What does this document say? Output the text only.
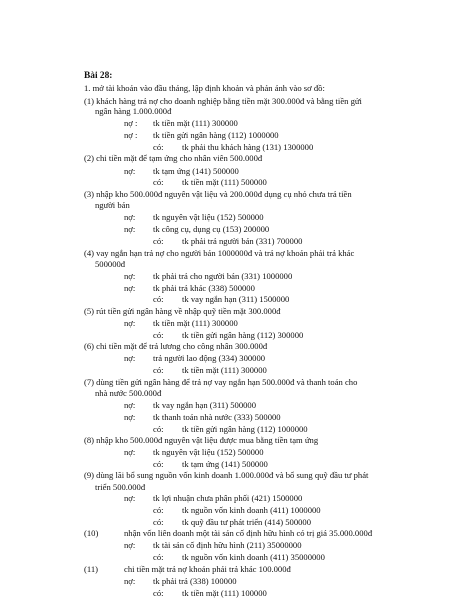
Bài 28:
1. mở tài khoản vào đầu tháng, lập định khoản và phản ánh vào sơ đồ:
(1) khách hàng trả nợ cho doanh nghiệp bằng tiền mặt 300.000đ và bằng tiền gửi
ngân hàng 1.000.000đ
nợ : tk tiền mặt (111) 300000
nợ : tk tiền gửi ngân hàng (112) 1000000
có: tk phải thu khách hàng (131) 1300000
(2) chi tiền mặt để tạm ứng cho nhân viên 500.000đ
nợ: tk tạm ứng (141) 500000
có: tk tiền mặt (111) 500000
(3) nhập kho 500.000đ nguyên vật liệu và 200.000đ dụng cụ nhỏ chưa trả tiền
người bán
nợ: tk nguyên vật liệu (152) 500000
nợ: tk công cụ, dụng cụ (153) 200000
có: tk phải trả người bán (331) 700000
(4) vay ngắn hạn trả nợ cho người bán 1000000đ và trả nợ khoản phải trả khác
500000đ
nợ: tk phải trả cho người bán (331) 1000000
nợ: tk phải trả khác (338) 500000
có: tk vay ngắn hạn (311) 1500000
(5) rút tiền gửi ngân hàng về nhập quỹ tiền mặt 300.000đ
nợ: tk tiền mặt (111) 300000
có: tk tiền gửi ngân hàng (112) 300000
(6) chi tiền mặt để trả lương cho công nhân 300.000đ
nợ: trả người lao động (334) 300000
có: tk tiền mặt (111) 300000
(7) dùng tiền gửi ngân hàng để trả nợ vay ngắn hạn 500.000đ và thanh toán cho
nhà nước 500.000đ
nợ: tk vay ngắn hạn (311) 500000
nợ: tk thanh toán nhà nước (333) 500000
có: tk tiền gửi ngân hàng (112) 1000000
(8) nhập kho 500.000đ nguyên vật liệu được mua bằng tiền tạm ứng
nợ: tk nguyên vật liệu (152) 500000
có: tk tạm ứng (141) 500000
(9) dùng lãi bổ sung nguồn vốn kinh doanh 1.000.000đ và bổ sung quỹ đầu tư phát
triển 500.000đ
nợ: tk lợi nhuận chưa phân phối (421) 1500000
có: tk nguồn vốn kinh doanh (411) 1000000
có: tk quỹ đầu tư phát triển (414) 500000
(10)	nhận vốn liên doanh một tài sản cố định hữu hình có trị giá 35.000.000đ
nợ: tk tài sản cố định hữu hình (211) 35000000
có: tk nguồn vốn kinh doanh (411) 35000000
(11)	chi tiền mặt trả nợ khoản phải trả khác 100.000đ
nợ: tk phải trả (338) 100000
có: tk tiền mặt (111) 100000
